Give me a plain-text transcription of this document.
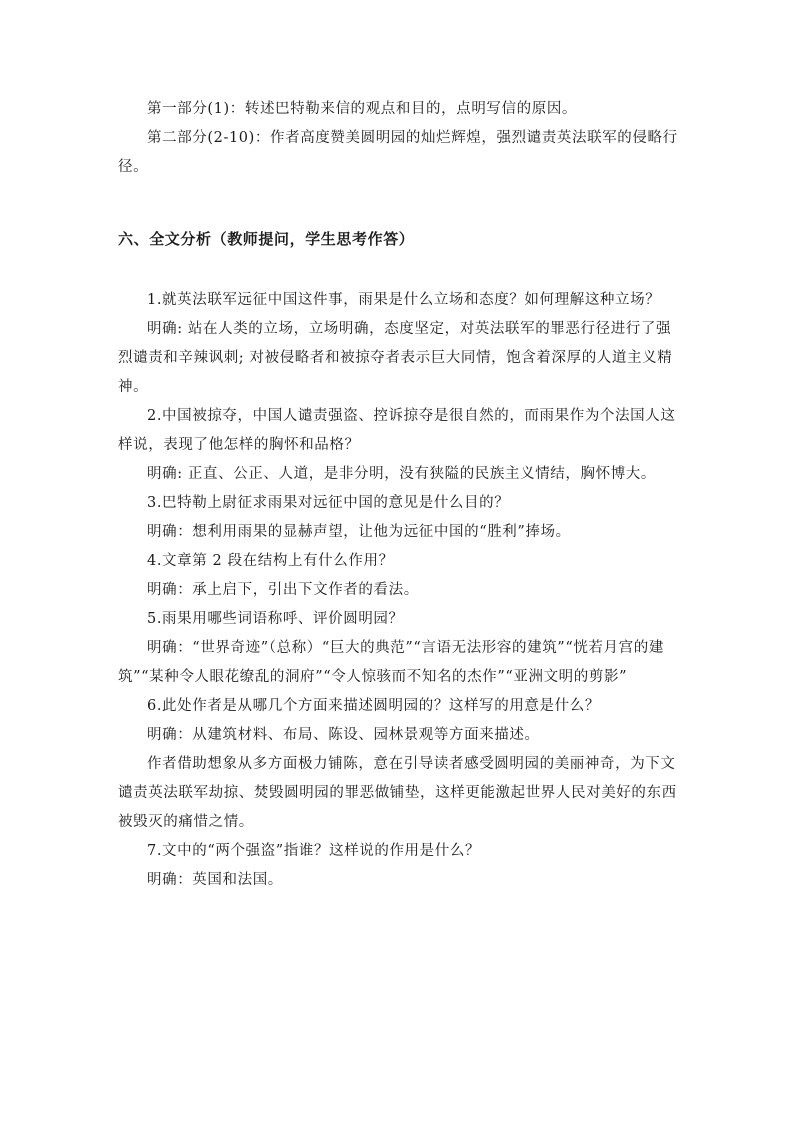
第一部分(1)：转述巴特勒来信的观点和目的，点明写信的原因。

第二部分(2-10)：作者高度赞美圆明园的灿烂辉煌，强烈谴责英法联军的侵略行径。

六、全文分析（教师提问，学生思考作答）

1.就英法联军远征中国这件事，雨果是什么立场和态度？如何理解这种立场？

明确: 站在人类的立场，立场明确，态度坚定，对英法联军的罪恶行径进行了强烈谴责和辛辣讽刺; 对被侵略者和被掠夺者表示巨大同情，饱含着深厚的人道主义精神。

2.中国被掠夺，中国人谴责强盗、控诉掠夺是很自然的，而雨果作为个法国人这样说，表现了他怎样的胸怀和品格？

明确: 正直、公正、人道，是非分明，没有狭隘的民族主义情结，胸怀博大。

3.巴特勒上尉征求雨果对远征中国的意见是什么目的？

明确：想利用雨果的显赫声望，让他为远征中国的“胜利”捧场。

4.文章第 2 段在结构上有什么作用？

明确：承上启下，引出下文作者的看法。

5.雨果用哪些词语称呼、评价圆明园？

明确：“世界奇迹”（总称）“巨大的典范”“言语无法形容的建筑”“恍若月宫的建筑”“某种令人眼花缭乱的洞府”“令人惊骇而不知名的杰作”“亚洲文明的剪影”

6.此处作者是从哪几个方面来描述圆明园的？这样写的用意是什么？

明确：从建筑材料、布局、陈设、园林景观等方面来描述。

作者借助想象从多方面极力铺陈，意在引导读者感受圆明园的美丽神奇，为下文谴责英法联军劫掠、焚毁圆明园的罪恶做铺垫，这样更能激起世界人民对美好的东西被毁灭的痛惜之情。

7.文中的“两个强盗”指谁？这样说的作用是什么？

明确：英国和法国。
